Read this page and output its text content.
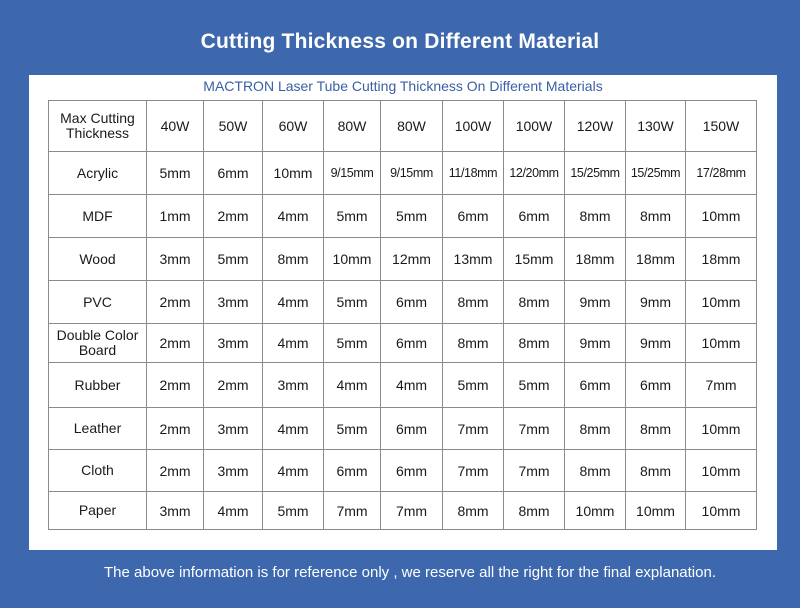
Cutting Thickness on Different Material
MACTRON Laser Tube Cutting Thickness On Different Materials
Max Cutting Thickness	40W	50W	60W	80W	80W	100W	100W	120W	130W	150W
Acrylic	5mm	6mm	10mm	9/15mm	9/15mm	11/18mm	12/20mm	15/25mm	15/25mm	17/28mm
MDF	1mm	2mm	4mm	5mm	5mm	6mm	6mm	8mm	8mm	10mm
Wood	3mm	5mm	8mm	10mm	12mm	13mm	15mm	18mm	18mm	18mm
PVC	2mm	3mm	4mm	5mm	6mm	8mm	8mm	9mm	9mm	10mm
Double Color Board	2mm	3mm	4mm	5mm	6mm	8mm	8mm	9mm	9mm	10mm
Rubber	2mm	2mm	3mm	4mm	4mm	5mm	5mm	6mm	6mm	7mm
Leather	2mm	3mm	4mm	5mm	6mm	7mm	7mm	8mm	8mm	10mm
Cloth	2mm	3mm	4mm	6mm	6mm	7mm	7mm	8mm	8mm	10mm
Paper	3mm	4mm	5mm	7mm	7mm	8mm	8mm	10mm	10mm	10mm
The above information is for reference only , we reserve all the right for the final explanation.
